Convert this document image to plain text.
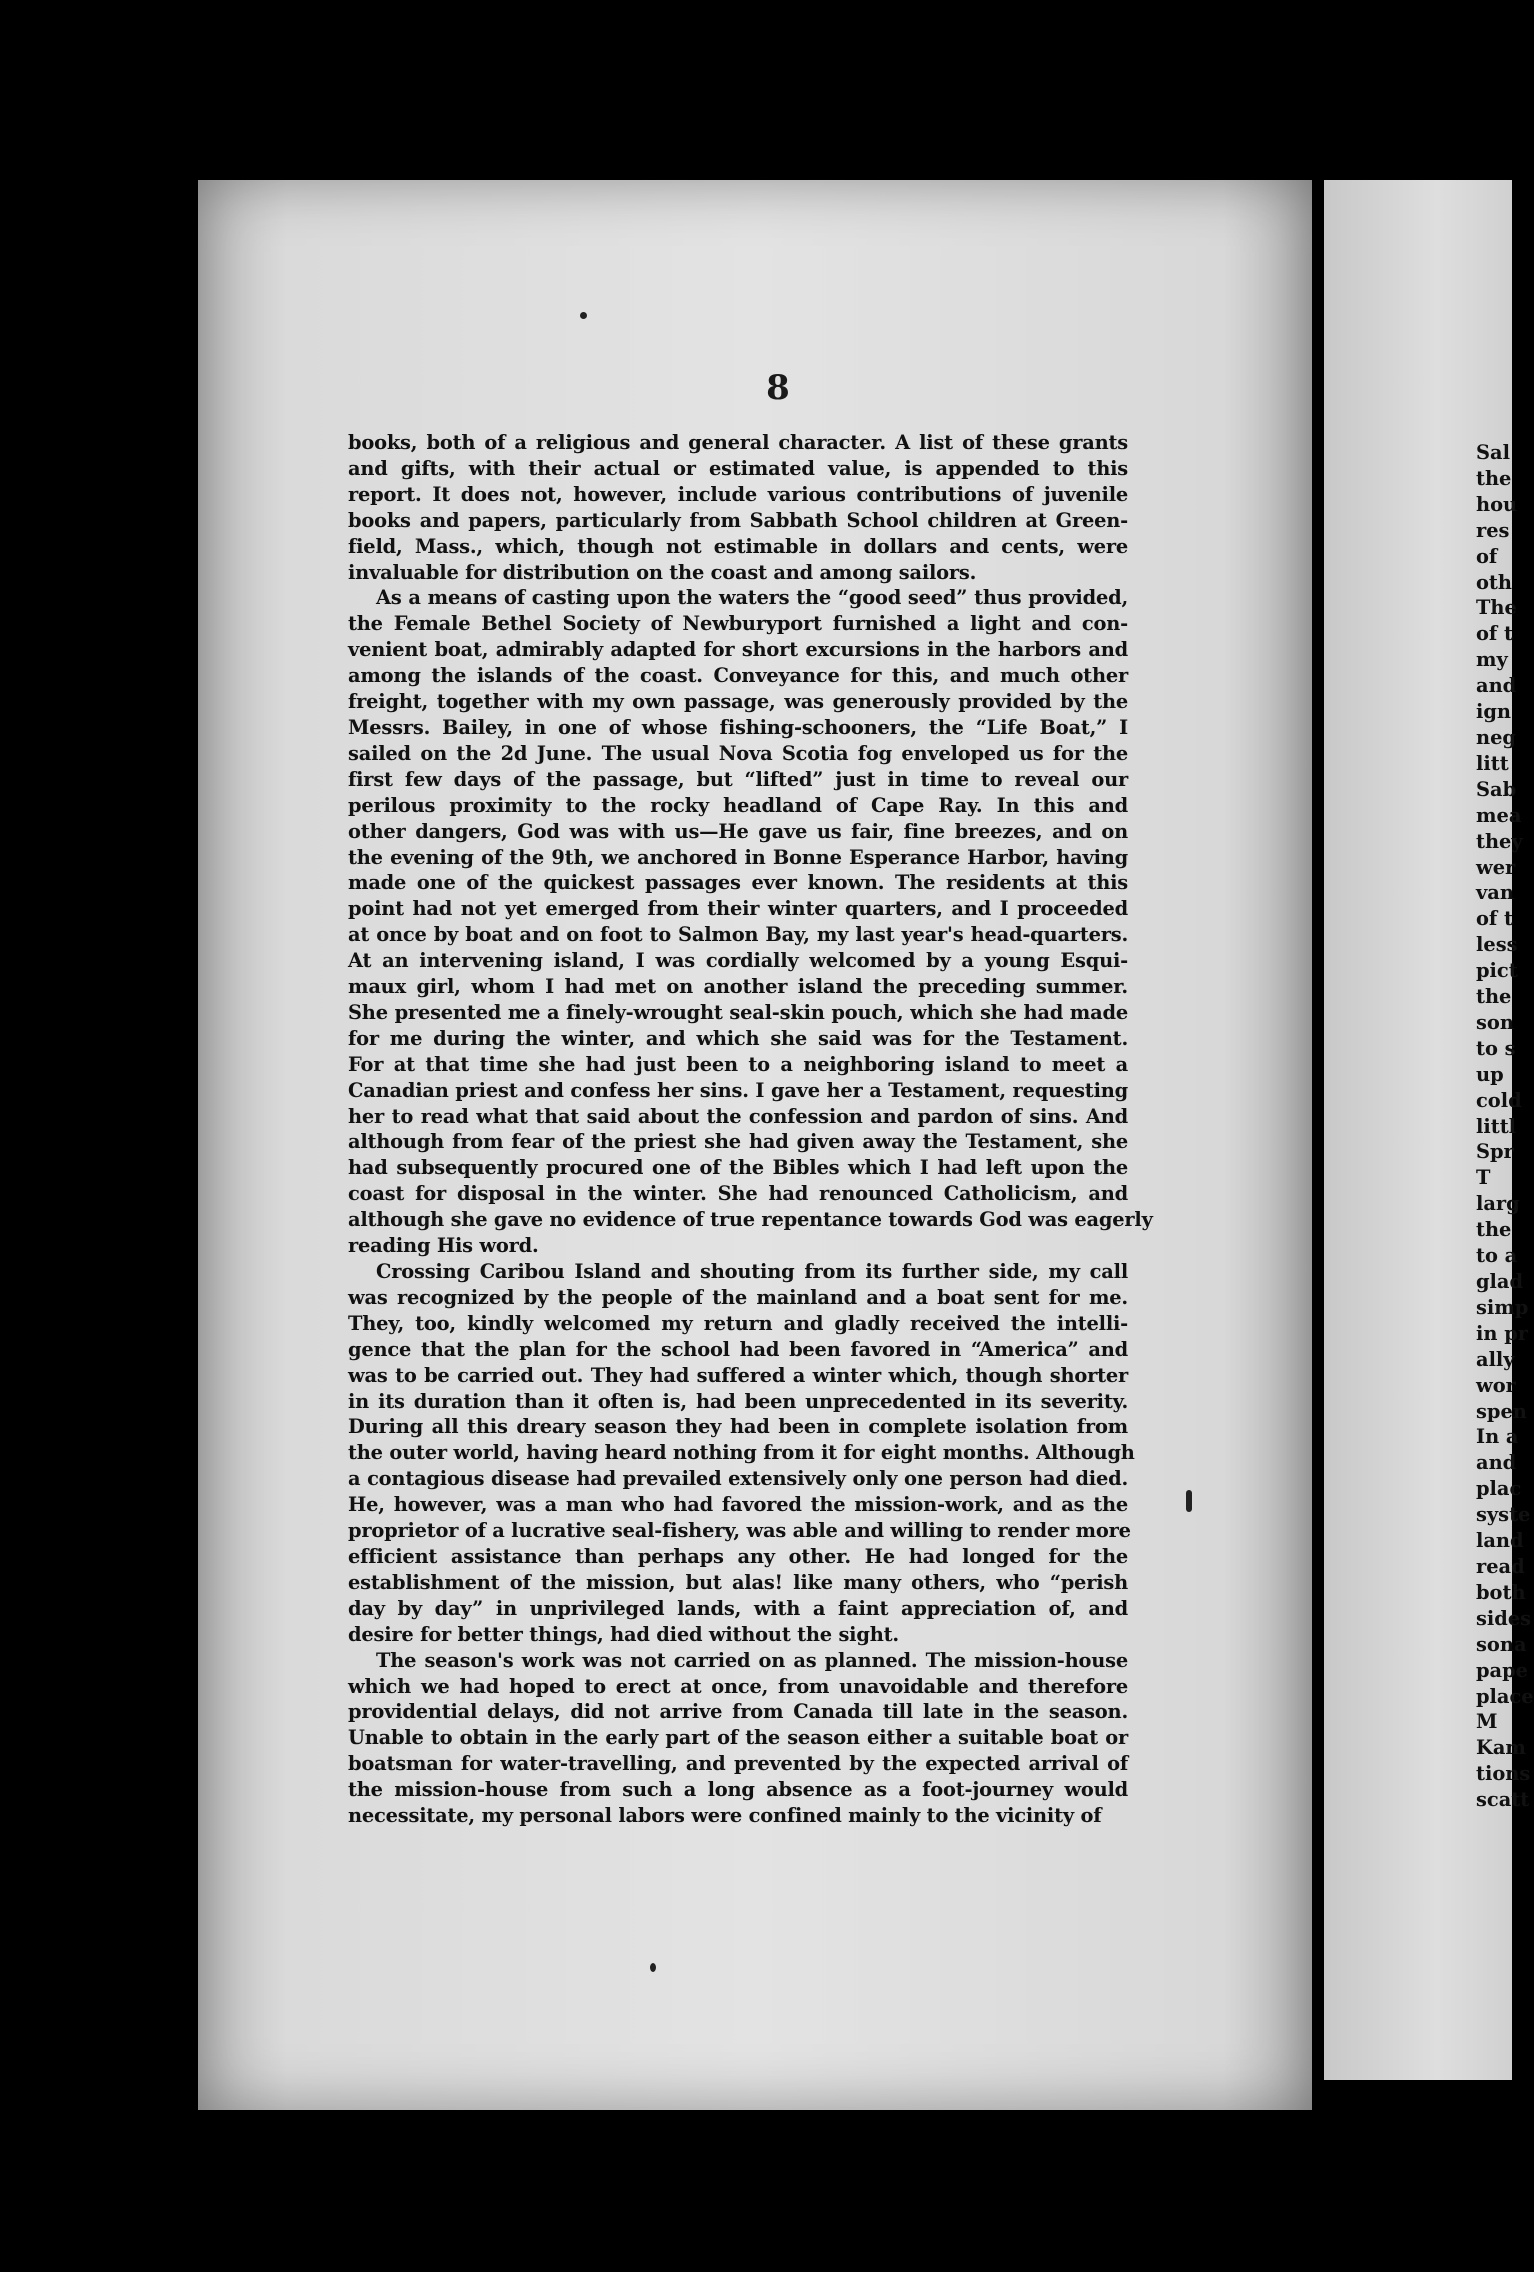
8
books, both of a religious and general character. A list of these grants
and gifts, with their actual or estimated value, is appended to this
report. It does not, however, include various contributions of juvenile
books and papers, particularly from Sabbath School children at Green-
field, Mass., which, though not estimable in dollars and cents, were
invaluable for distribution on the coast and among sailors.
As a means of casting upon the waters the “good seed” thus provided,
the Female Bethel Society of Newburyport furnished a light and con-
venient boat, admirably adapted for short excursions in the harbors and
among the islands of the coast. Conveyance for this, and much other
freight, together with my own passage, was generously provided by the
Messrs. Bailey, in one of whose fishing-schooners, the “Life Boat,” I
sailed on the 2d June. The usual Nova Scotia fog enveloped us for the
first few days of the passage, but “lifted” just in time to reveal our
perilous proximity to the rocky headland of Cape Ray. In this and
other dangers, God was with us—He gave us fair, fine breezes, and on
the evening of the 9th, we anchored in Bonne Esperance Harbor, having
made one of the quickest passages ever known. The residents at this
point had not yet emerged from their winter quarters, and I proceeded
at once by boat and on foot to Salmon Bay, my last year's head-quarters.
At an intervening island, I was cordially welcomed by a young Esqui-
maux girl, whom I had met on another island the preceding summer.
She presented me a finely-wrought seal-skin pouch, which she had made
for me during the winter, and which she said was for the Testament.
For at that time she had just been to a neighboring island to meet a
Canadian priest and confess her sins. I gave her a Testament, requesting
her to read what that said about the confession and pardon of sins. And
although from fear of the priest she had given away the Testament, she
had subsequently procured one of the Bibles which I had left upon the
coast for disposal in the winter. She had renounced Catholicism, and
although she gave no evidence of true repentance towards God was eagerly
reading His word.
Crossing Caribou Island and shouting from its further side, my call
was recognized by the people of the mainland and a boat sent for me.
They, too, kindly welcomed my return and gladly received the intelli-
gence that the plan for the school had been favored in “America” and
was to be carried out. They had suffered a winter which, though shorter
in its duration than it often is, had been unprecedented in its severity.
During all this dreary season they had been in complete isolation from
the outer world, having heard nothing from it for eight months. Although
a contagious disease had prevailed extensively only one person had died.
He, however, was a man who had favored the mission-work, and as the
proprietor of a lucrative seal-fishery, was able and willing to render more
efficient assistance than perhaps any other. He had longed for the
establishment of the mission, but alas! like many others, who “perish
day by day” in unprivileged lands, with a faint appreciation of, and
desire for better things, had died without the sight.
The season's work was not carried on as planned. The mission-house
which we had hoped to erect at once, from unavoidable and therefore
providential delays, did not arrive from Canada till late in the season.
Unable to obtain in the early part of the season either a suitable boat or
boatsman for water-travelling, and prevented by the expected arrival of
the mission-house from such a long absence as a foot-journey would
necessitate, my personal labors were confined mainly to the vicinity of
Sal
the
hou
res
of
oth
The
of t
my
and
ign
neg
litt
Sab
mea
they
wer
van
of t
less
pict
the
son
to s
up
cold
littl
Spr
T
larg
the
to a
glad
simp
in pr
ally
wor
spen
In a
and
plac
syste
land
read
both
sides
sona
pape
place
M
Kam
tions
scatt
